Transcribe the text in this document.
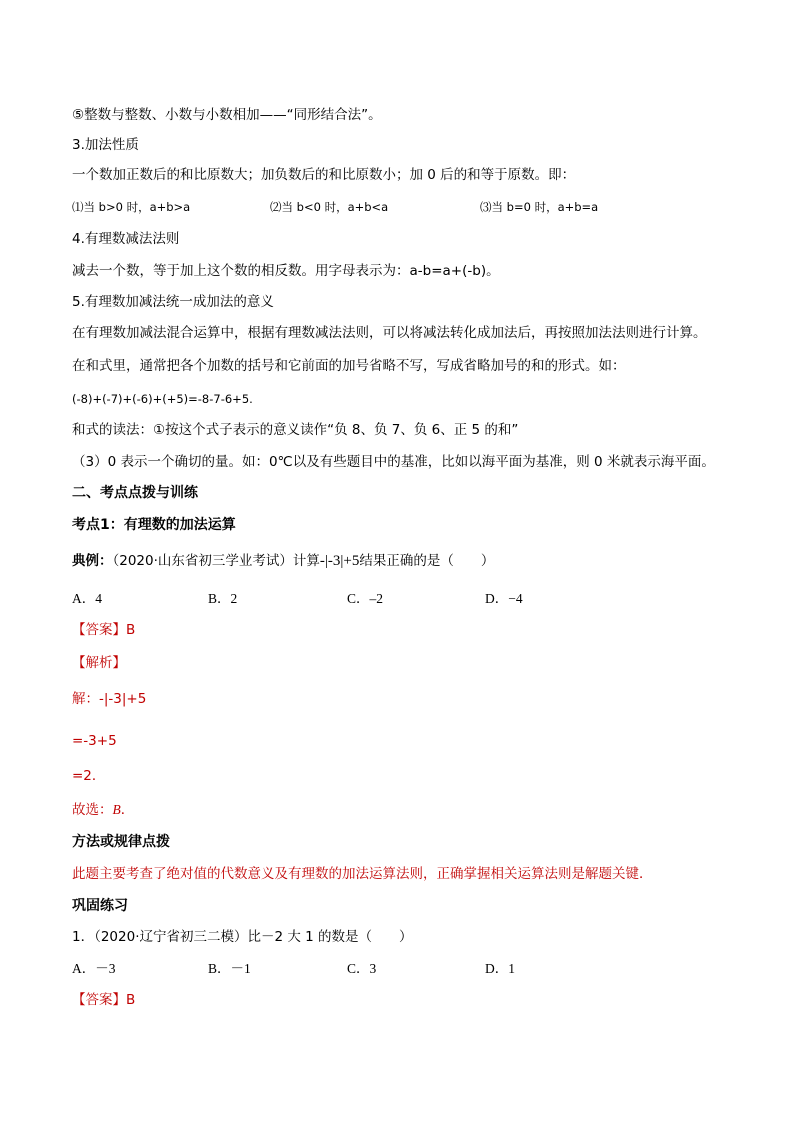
⑤整数与整数、小数与小数相加——“同形结合法”。
3.加法性质
一个数加正数后的和比原数大；加负数后的和比原数小；加 0 后的和等于原数。即：
⑴当 b>0 时，a+b>a	⑵当 b<0 时，a+b<a	⑶当 b=0 时，a+b=a
4.有理数减法法则
减去一个数，等于加上这个数的相反数。用字母表示为：a-b=a+(-b)。
5.有理数加减法统一成加法的意义
在有理数加减法混合运算中，根据有理数减法法则，可以将减法转化成加法后，再按照加法法则进行计算。
在和式里，通常把各个加数的括号和它前面的加号省略不写，写成省略加号的和的形式。如：
(-8)+(-7)+(-6)+(+5)=-8-7-6+5.
和式的读法：①按这个式子表示的意义读作“负 8、负 7、负 6、正 5 的和”
（3）0 表示一个确切的量。如：0℃以及有些题目中的基准，比如以海平面为基准，则 0 米就表示海平面。
二、考点点拨与训练
考点1：有理数的加法运算
典例：（2020·山东省初三学业考试）计算-|-3|+5结果正确的是（　　）
A．4	B．2	C．–2	D．−4
【答案】B
【解析】
解：-|-3|+5
=-3+5
=2．
故选：B．
方法或规律点拨
此题主要考查了绝对值的代数意义及有理数的加法运算法则，正确掌握相关运算法则是解题关键．
巩固练习
1．（2020·辽宁省初三二模）比－2 大 1 的数是（　　）
A．－3	B．－1	C．3	D．1
【答案】B
